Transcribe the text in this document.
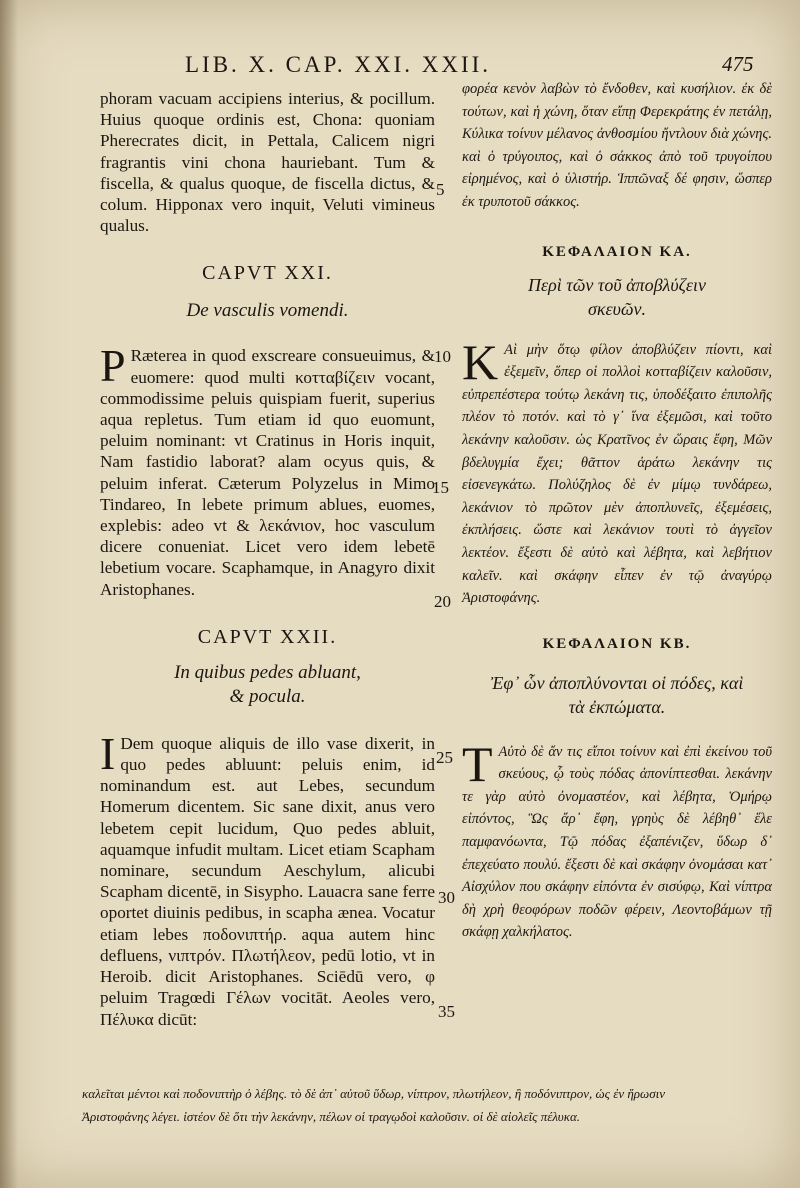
LIB. X. CAP. XXI. XXII.	475

phoram vacuam accipiens interius, & pocillum. Huius quoque ordinis est, Chona: quoniam Pherecrates dicit, in Pettala, Calicem nigri fragrantis vini chona hauriebant. Tum & fiscella, & qualus quoque, de fiscella dictus, & colum. Hipponax vero inquit, Veluti vimineus qualus.

CAPVT XXI.

De vasculis vomendi.

P Ræterea in quod exscreare consueuimus, & euomere: quod multi κοτταβίζειν vocant, commodissime peluis quispiam fuerit, superius aqua repletus. Tum etiam id quo euomunt, peluim nominant: vt Cratinus in Horis inquit, Nam fastidio laborat? alam ocyus quis, & peluim inferat. Cæterum Polyzelus in Mimo Tindareo, In lebete primum ablues, euomes, explebis: adeo vt & λεκάνιον, hoc vasculum dicere conueniat. Licet vero idem lebetē lebetium vocare. Scaphamque, in Anagyro dixit Aristophanes.

CAPVT XXII.

In quibus pedes abluant,

& pocula.

I Dem quoque aliquis de illo vase dixerit, in quo pedes abluunt: peluis enim, id nominandum est. aut Lebes, secundum Homerum dicentem. Sic sane dixit, anus vero lebetem cepit lucidum, Quo pedes abluit, aquamque infudit multam. Licet etiam Scapham nominare, secundum Aeschylum, alicubi Scapham dicentē, in Sisypho. Lauacra sane ferre oportet diuinis pedibus, in scapha ænea. Vocatur etiam lebes ποδονιπτήρ. aqua autem hinc defluens, νιπτρόν. Πλωτήλεον, pedū lotio, vt in Heroib. dicit Aristophanes. Sciēdū vero, φ peluim Tragœdi Γέλων vocitāt. Aeoles vero, Πέλυκα dicūt:

5
10
15
20
25
30
35

φορέα κενὸν λαβὼν τὸ ἔνδοθεν, καὶ κυσήλιον. ἐκ δὲ τούτων, καὶ ἡ χώνη, ὅταν εἴπῃ Φερεκράτης ἐν πετάλῃ, Κύλικα τοίνυν μέλανος ἀνθοσμίου ἤντλουν διὰ χώνης. καὶ ὁ τρύγοιπος, καὶ ὁ σάκκος ἀπὸ τοῦ τρυγοίπου εἰρημένος, καὶ ὁ ὑλιστήρ. Ἱππῶναξ δέ φησιν, ὥσπερ ἐκ τρυποτοῦ σάκκος.

ΚΕΦΑΛΑΙΟΝ ΚΑ.

Περὶ τῶν τοῦ ἀποβλύζειν

σκευῶν.

Κ Αὶ μὴν ὅτῳ φίλον ἀποβλύζειν πίοντι, καὶ ἐξεμεῖν, ὅπερ οἱ πολλοὶ κοτταβίζειν καλοῦσιν, εὐπρεπέστερα τούτῳ λεκάνη τις, ὑποδέξαιτο ἐπιπολῆς πλέον τὸ ποτόν. καὶ τὸ γ᾽ ἵνα ἐξεμῶσι, καὶ τοῦτο λεκάνην καλοῦσιν. ὡς Κρατῖνος ἐν ὥραις ἔφη, Μῶν βδελυγμία ἔχει; θᾶττον ἀράτω λεκάνην τις εἰσενεγκάτω. Πολύζηλος δὲ ἐν μίμῳ τυνδάρεω, λεκάνιον τὸ πρῶτον μὲν ἀποπλυνεῖς, ἐξεμέσεις, ἐκπλήσεις. ὥστε καὶ λεκάνιον τουτὶ τὸ ἀγγεῖον λεκτέον. ἔξεστι δὲ αὐτὸ καὶ λέβητα, καὶ λεβήτιον καλεῖν. καὶ σκάφην εἶπεν ἐν τῷ ἀναγύρῳ Ἀριστοφάνης.

ΚΕΦΑΛΑΙΟΝ ΚΒ.

Ἐφ᾽ ὧν ἀποπλύνονται οἱ πόδες, καὶ

τὰ ἐκπώματα.

Τ Αὐτὸ δὲ ἄν τις εἴποι τοίνυν καὶ ἐπὶ ἐκείνου τοῦ σκεύους, ᾧ τοὺς πόδας ἀπονίπτεσθαι. λεκάνην τε γὰρ αὐτὸ ὀνομαστέον, καὶ λέβητα, Ὁμήρῳ εἰπόντος, Ὣς ἄρ᾽ ἔφη, γρηὺς δὲ λέβηθ᾽ ἕλε παμφανόωντα, Τῷ πόδας ἐξαπένιζεν, ὕδωρ δ᾽ ἐπεχεύατο πουλύ. ἔξεστι δὲ καὶ σκάφην ὀνομάσαι κατ᾽ Αἰσχύλον που σκάφην εἰπόντα ἐν σισύφῳ, Καὶ νίπτρα δὴ χρὴ θεοφόρων ποδῶν φέρειν, Λεοντοβάμων τῇ σκάφῃ χαλκήλατος.

καλεῖται μέντοι καὶ ποδονιπτὴρ ὁ λέβης. τὸ δὲ ἀπ᾽ αὐτοῦ ὕδωρ, νίπτρον, πλωτήλεον, ἢ ποδόνιπτρον, ὡς ἐν ἥρωσιν

Ἀριστοφάνης λέγει. ἰστέον δὲ ὅτι τὴν λεκάνην, πέλων οἱ τραγῳδοὶ καλοῦσιν. οἱ δὲ αἰολεῖς πέλυκα.
